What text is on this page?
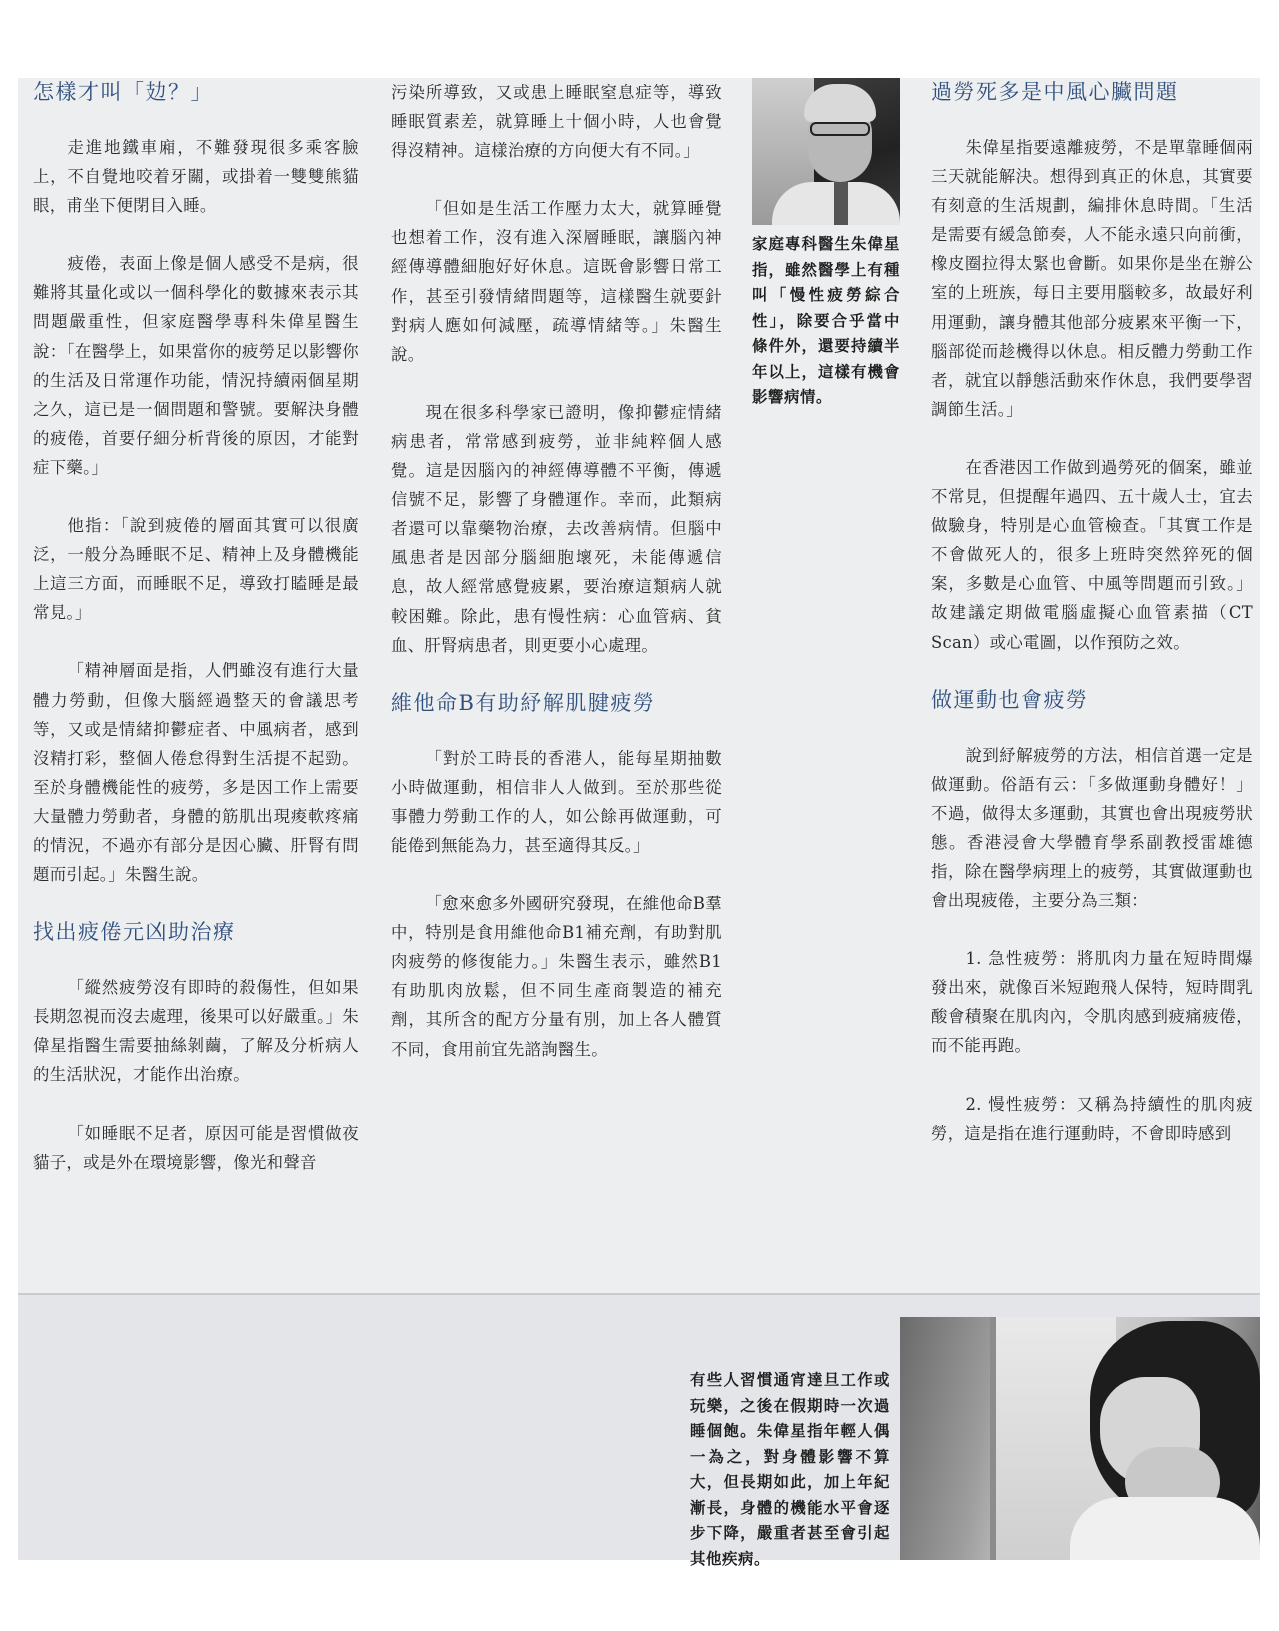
怎樣才叫「攰？」

走進地鐵車廂，不難發現很多乘客臉上，不自覺地咬着牙關，或掛着一雙雙熊貓眼，甫坐下便閉目入睡。

疲倦，表面上像是個人感受不是病，很難將其量化或以一個科學化的數據來表示其問題嚴重性，但家庭醫學專科朱偉星醫生說：「在醫學上，如果當你的疲勞足以影響你的生活及日常運作功能，情況持續兩個星期之久，這已是一個問題和警號。要解決身體的疲倦，首要仔細分析背後的原因，才能對症下藥。」

他指：「說到疲倦的層面其實可以很廣泛，一般分為睡眠不足、精神上及身體機能上這三方面，而睡眠不足，導致打瞌睡是最常見。」

「精神層面是指，人們雖沒有進行大量體力勞動，但像大腦經過整天的會議思考等，又或是情緒抑鬱症者、中風病者，感到沒精打彩，整個人倦怠得對生活提不起勁。至於身體機能性的疲勞，多是因工作上需要大量體力勞動者，身體的筋肌出現痠軟疼痛的情況，不過亦有部分是因心臟、肝腎有問題而引起。」朱醫生說。

找出疲倦元凶助治療

「縱然疲勞沒有即時的殺傷性，但如果長期忽視而沒去處理，後果可以好嚴重。」朱偉星指醫生需要抽絲剝繭，了解及分析病人的生活狀況，才能作出治療。

「如睡眠不足者，原因可能是習慣做夜貓子，或是外在環境影響，像光和聲音

污染所導致，又或患上睡眠窒息症等，導致睡眠質素差，就算睡上十個小時，人也會覺得沒精神。這樣治療的方向便大有不同。」

「但如是生活工作壓力太大，就算睡覺也想着工作，沒有進入深層睡眠，讓腦內神經傳導體細胞好好休息。這既會影響日常工作，甚至引發情緒問題等，這樣醫生就要針對病人應如何減壓，疏導情緒等。」朱醫生說。

現在很多科學家已證明，像抑鬱症情緒病患者，常常感到疲勞，並非純粹個人感覺。這是因腦內的神經傳導體不平衡，傳遞信號不足，影響了身體運作。幸而，此類病者還可以靠藥物治療，去改善病情。但腦中風患者是因部分腦細胞壞死，未能傳遞信息，故人經常感覺疲累，要治療這類病人就較困難。除此，患有慢性病：心血管病、貧血、肝腎病患者，則更要小心處理。

維他命B有助紓解肌腱疲勞

「對於工時長的香港人，能每星期抽數小時做運動，相信非人人做到。至於那些從事體力勞動工作的人，如公餘再做運動，可能倦到無能為力，甚至適得其反。」

「愈來愈多外國研究發現，在維他命B羣中，特別是食用維他命B1補充劑，有助對肌肉疲勞的修復能力。」朱醫生表示，雖然B1有助肌肉放鬆，但不同生產商製造的補充劑，其所含的配方分量有別，加上各人體質不同，食用前宜先諮詢醫生。

家庭專科醫生朱偉星指，雖然醫學上有種叫「慢性疲勞綜合性」，除要合乎當中條件外，還要持續半年以上，這樣有機會影響病情。
過勞死多是中風心臟問題

朱偉星指要遠離疲勞，不是單靠睡個兩三天就能解決。想得到真正的休息，其實要有刻意的生活規劃，編排休息時間。「生活是需要有緩急節奏，人不能永遠只向前衝，橡皮圈拉得太緊也會斷。如果你是坐在辦公室的上班族，每日主要用腦較多，故最好利用運動，讓身體其他部分疲累來平衡一下，腦部從而趁機得以休息。相反體力勞動工作者，就宜以靜態活動來作休息，我們要學習調節生活。」

在香港因工作做到過勞死的個案，雖並不常見，但提醒年過四、五十歲人士，宜去做驗身，特別是心血管檢查。「其實工作是不會做死人的，很多上班時突然猝死的個案，多數是心血管、中風等問題而引致。」故建議定期做電腦虛擬心血管素描（CT Scan）或心電圖，以作預防之效。

做運動也會疲勞

說到紓解疲勞的方法，相信首選一定是做運動。俗語有云：「多做運動身體好！」不過，做得太多運動，其實也會出現疲勞狀態。香港浸會大學體育學系副教授雷雄德指，除在醫學病理上的疲勞，其實做運動也會出現疲倦，主要分為三類：

1. 急性疲勞：將肌肉力量在短時間爆發出來，就像百米短跑飛人保特，短時間乳酸會積聚在肌肉內，令肌肉感到疲痛疲倦，而不能再跑。

2. 慢性疲勞：又稱為持續性的肌肉疲勞，這是指在進行運動時，不會即時感到

有些人習慣通宵達旦工作或玩樂，之後在假期時一次過睡個飽。朱偉星指年輕人偶一為之，對身體影響不算大，但長期如此，加上年紀漸長，身體的機能水平會逐步下降，嚴重者甚至會引起其他疾病。
